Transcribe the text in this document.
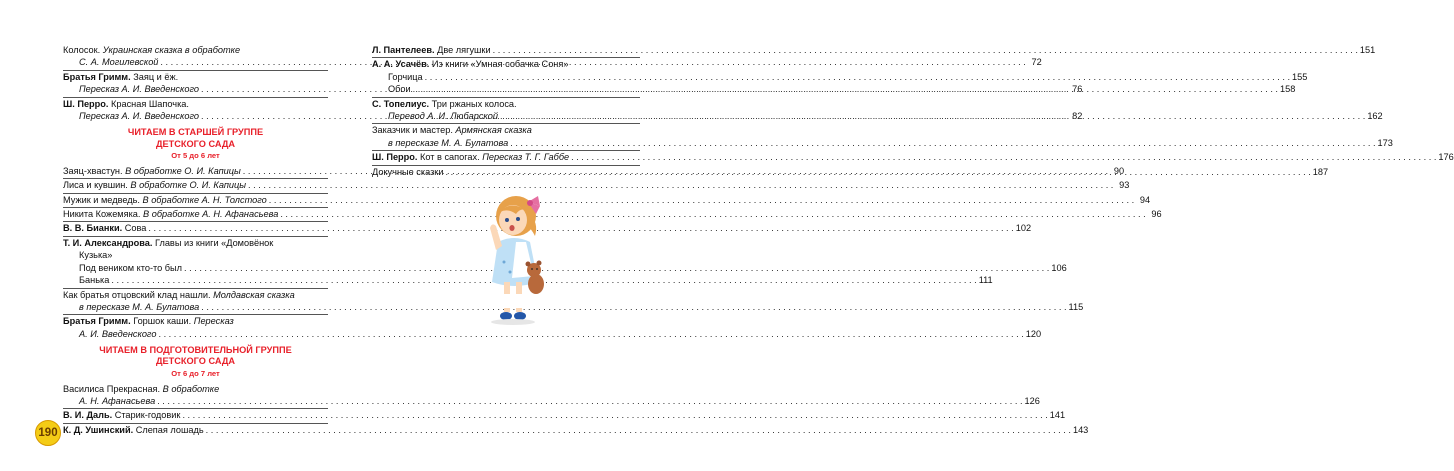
Колосок. Украинская сказка в обработке
С. А. Могилевской . . .	72
Братья Гримм. Заяц и ёж.
Пересказ А. И. Введенского . . .	76
Ш. Перро. Красная Шапочка.
Пересказ А. И. Введенского . . .	82
ЧИТАЕМ В СТАРШЕЙ ГРУППЕ
ДЕТСКОГО САДА
От 5 до 6 лет
Заяц-хвастун. В обработке О. И. Капицы . . .	90
Лиса и кувшин. В обработке О. И. Капицы . . .	93
Мужик и медведь. В обработке А. Н. Толстого . . .	94
Никита Кожемяка. В обработке А. Н. Афанасьева . . .	96
В. В. Бианки. Сова . . .	102
Т. И. Александрова. Главы из книги «Домовёнок
Кузька»
Под веником кто-то был . . .	106
Банька . . .	111
Как братья отцовский клад нашли. Молдавская сказка
в пересказе М. А. Булатова . . .	115
Братья Гримм. Горшок каши. Пересказ
А. И. Введенского . . .	120
ЧИТАЕМ В ПОДГОТОВИТЕЛЬНОЙ ГРУППЕ
ДЕТСКОГО САДА
От 6 до 7 лет
Василиса Прекрасная. В обработке
А. Н. Афанасьева . . .	126
В. И. Даль. Старик-годовик . . .	141
К. Д. Ушинский. Слепая лошадь . . .	143
Л. Пантелеев. Две лягушки . . .	151
А. А. Усачёв. Из книги «Умная собачка Соня»
Горчица . . .	155
Обои . . .	158
С. Топелиус. Три ржаных колоса.
Перевод А. И. Любарской . . .	162
Заказчик и мастер. Армянская сказка
в пересказе М. А. Булатова . . .	173
Ш. Перро. Кот в сапогах. Пересказ Т. Г. Габбе . . .	176
Докучные сказки . . .	187
190
